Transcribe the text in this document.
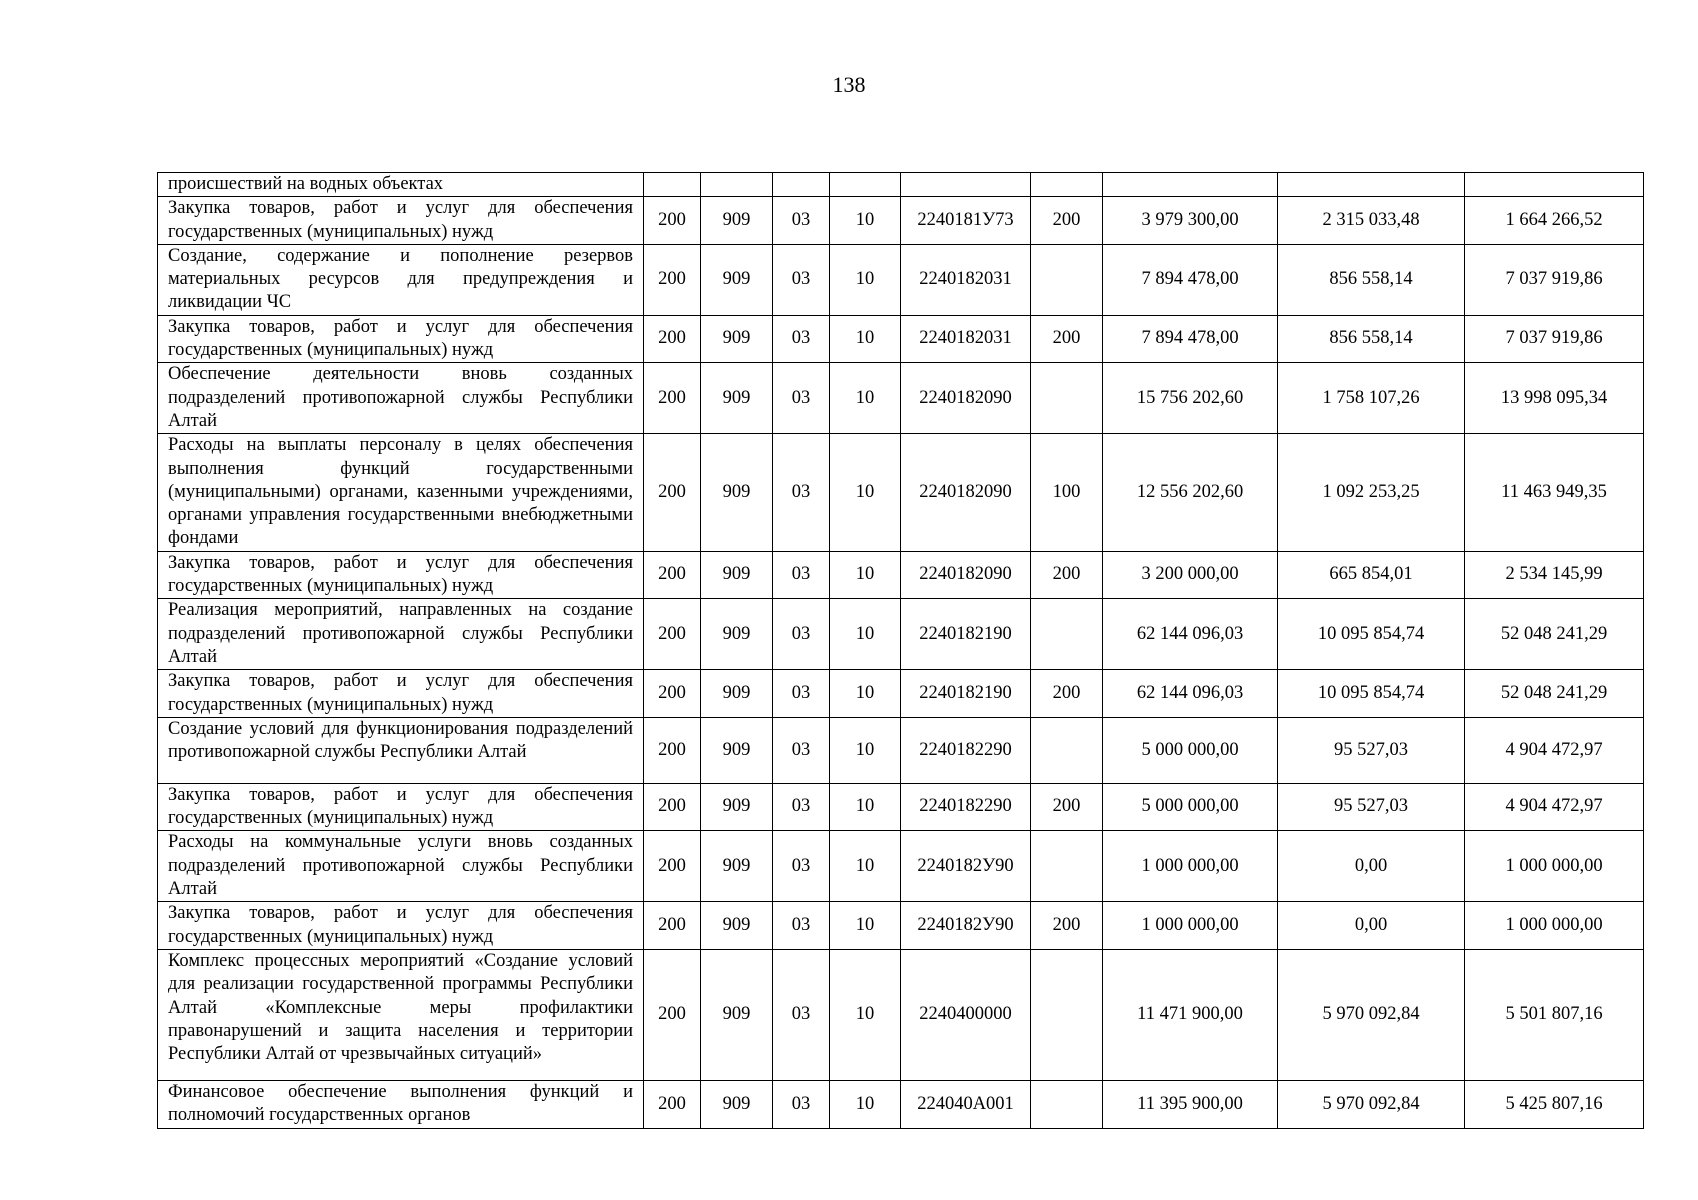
138
происшествий на водных объектах									
Закупка товаров, работ и услуг для обеспечения государственных (муниципальных) нужд	200	909	03	10	2240181У73	200	3 979 300,00	2 315 033,48	1 664 266,52
Создание, содержание и пополнение резервов материальных ресурсов для предупреждения и ликвидации ЧС	200	909	03	10	2240182031		7 894 478,00	856 558,14	7 037 919,86
Закупка товаров, работ и услуг для обеспечения государственных (муниципальных) нужд	200	909	03	10	2240182031	200	7 894 478,00	856 558,14	7 037 919,86
Обеспечение деятельности вновь созданных подразделений противопожарной службы Республики Алтай	200	909	03	10	2240182090		15 756 202,60	1 758 107,26	13 998 095,34
Расходы на выплаты персоналу в целях обеспечения выполнения функций государственными (муниципальными) органами, казенными учреждениями, органами управления государственными внебюджетными фондами	200	909	03	10	2240182090	100	12 556 202,60	1 092 253,25	11 463 949,35
Закупка товаров, работ и услуг для обеспечения государственных (муниципальных) нужд	200	909	03	10	2240182090	200	3 200 000,00	665 854,01	2 534 145,99
Реализация мероприятий, направленных на создание подразделений противопожарной службы Республики Алтай	200	909	03	10	2240182190		62 144 096,03	10 095 854,74	52 048 241,29
Закупка товаров, работ и услуг для обеспечения государственных (муниципальных) нужд	200	909	03	10	2240182190	200	62 144 096,03	10 095 854,74	52 048 241,29
Создание условий для функционирования подразделений противопожарной службы Республики Алтай	200	909	03	10	2240182290		5 000 000,00	95 527,03	4 904 472,97
Закупка товаров, работ и услуг для обеспечения государственных (муниципальных) нужд	200	909	03	10	2240182290	200	5 000 000,00	95 527,03	4 904 472,97
Расходы на коммунальные услуги вновь созданных подразделений противопожарной службы Республики Алтай	200	909	03	10	2240182У90		1 000 000,00	0,00	1 000 000,00
Закупка товаров, работ и услуг для обеспечения государственных (муниципальных) нужд	200	909	03	10	2240182У90	200	1 000 000,00	0,00	1 000 000,00
Комплекс процессных мероприятий «Создание условий для реализации государственной программы Республики Алтай «Комплексные меры профилактики правонарушений и защита населения и территории Республики Алтай от чрезвычайных ситуаций»	200	909	03	10	2240400000		11 471 900,00	5 970 092,84	5 501 807,16
Финансовое обеспечение выполнения функций и полномочий государственных органов	200	909	03	10	224040А001		11 395 900,00	5 970 092,84	5 425 807,16
